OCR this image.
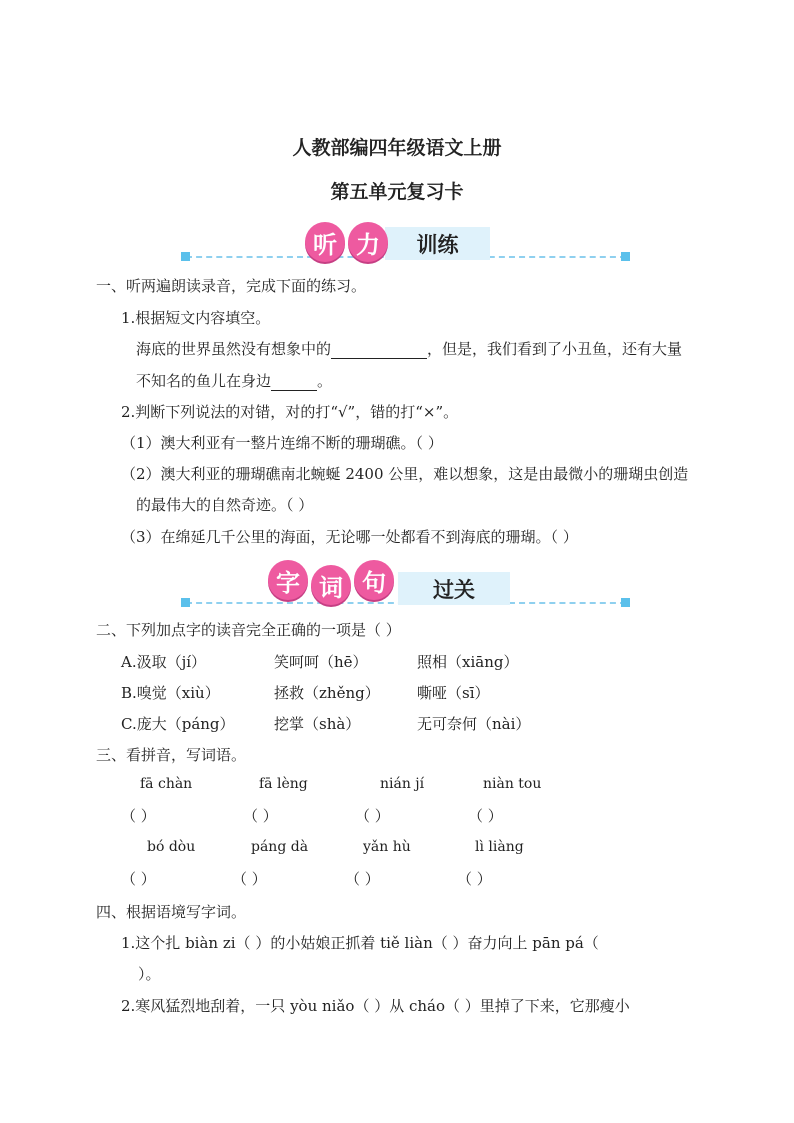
人教部编四年级语文上册
第五单元复习卡
训练
听 力
一、听两遍朗读录音，完成下面的练习。
1.根据短文内容填空。
海底的世界虽然没有想象中的	，但是，我们看到了小丑鱼，还有大量
不知名的鱼儿在身边	。
2.判断下列说法的对错，对的打“√”，错的打“×”。
（1）澳大利亚有一整片连绵不断的珊瑚礁。（ ）
（2）澳大利亚的珊瑚礁南北蜿蜒 2400 公里，难以想象，这是由最微小的珊瑚虫创造
的最伟大的自然奇迹。（ ）
（3）在绵延几千公里的海面，无论哪一处都看不到海底的珊瑚。（ ）
过关
字 词 句
二、下列加点字的读音完全正确的一项是（ ）
A.汲取（jí）	笑呵呵（hē）	照相（xiāng）
B.嗅觉（xiù）	拯救（zhěng） 嘶哑（sī）
C.庞大（páng）	挖掌（shà）	无可奈何（nài）
三、看拼音，写词语。
fā chàn	fā lèng	nián jí	niàn tou
（ ）	（ ）	（ ）	（ ）
bó dòu	páng dà	yǎn hù	lì liàng
（ ）	（ ）	（ ）	（ ）
四、根据语境写字词。
1.这个扎 biàn zi（ ）的小姑娘正抓着 tiě liàn（ ）奋力向上 pān pá（
）。
2.寒风猛烈地刮着，一只 yòu niǎo（ ）从 cháo（ ）里掉了下来，它那瘦小
